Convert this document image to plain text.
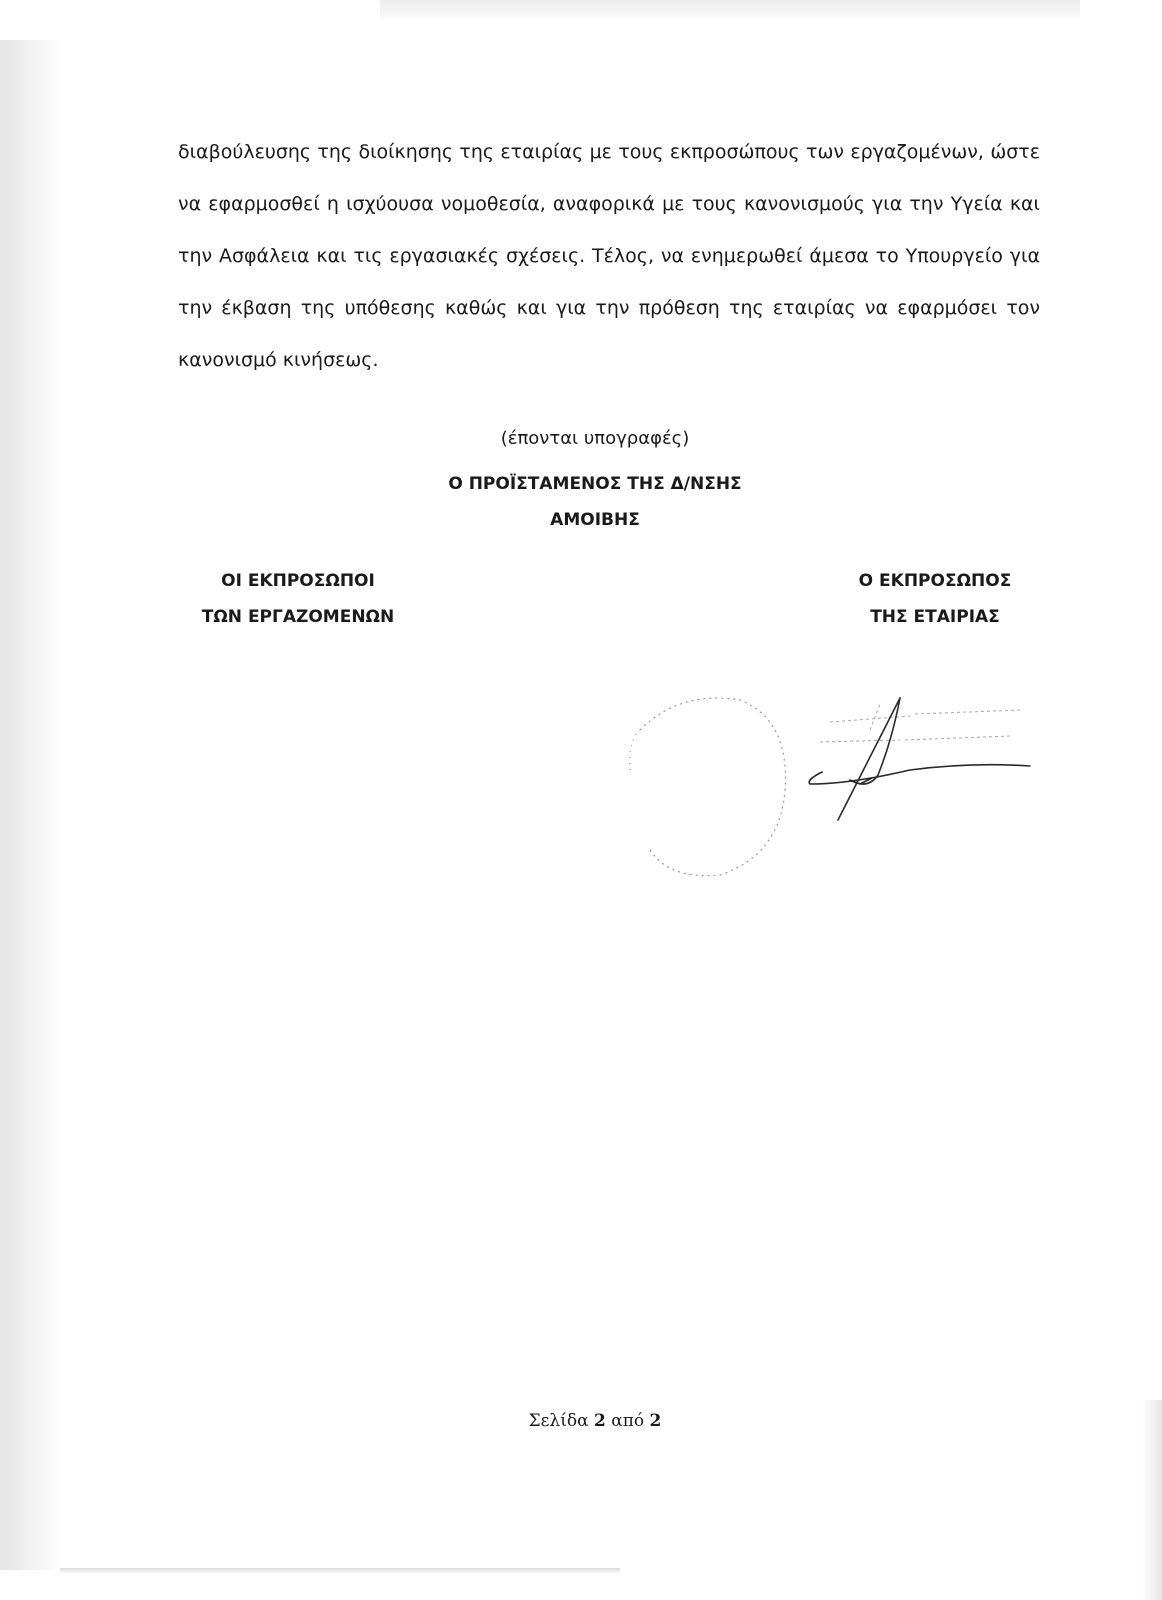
διαβούλευσης της διοίκησης της εταιρίας με τους εκπροσώπους των εργαζομένων, ώστε να εφαρμοσθεί η ισχύουσα νομοθεσία, αναφορικά με τους κανονισμούς για την Υγεία και την Ασφάλεια και τις εργασιακές σχέσεις. Τέλος, να ενημερωθεί άμεσα το Υπουργείο για την έκβαση της υπόθεσης καθώς και για την πρόθεση της εταιρίας να εφαρμόσει τον κανονισμό κινήσεως.

(έπονται υπογραφές)
Ο ΠΡΟΪΣΤΑΜΕΝΟΣ ΤΗΣ Δ/ΝΣΗΣ
ΑΜΟΙΒΗΣ
ΟΙ ΕΚΠΡΟΣΩΠΟΙ
ΤΩΝ ΕΡΓΑΖΟΜΕΝΩΝ
Ο ΕΚΠΡΟΣΩΠΟΣ
ΤΗΣ ΕΤΑΙΡΙΑΣ
Σελίδα 2 από 2
